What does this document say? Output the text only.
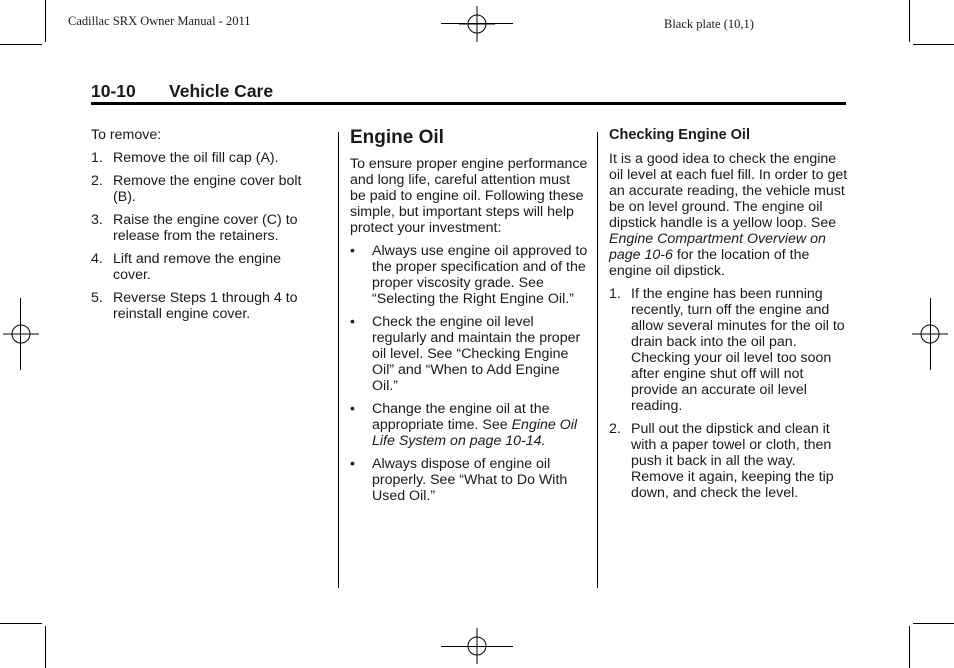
Cadillac SRX Owner Manual - 2011	Black plate (10,1)
10-10 Vehicle Care

To remove:

1. Remove the oil fill cap (A).
2. Remove the engine cover bolt (B).
3. Raise the engine cover (C) to release from the retainers.
4. Lift and remove the engine cover.
5. Reverse Steps 1 through 4 to reinstall engine cover.
Engine Oil

To ensure proper engine performance and long life, careful attention must be paid to engine oil. Following these simple, but important steps will help protect your investment:

• Always use engine oil approved to the proper specification and of the proper viscosity grade. See “Selecting the Right Engine Oil.”
• Check the engine oil level regularly and maintain the proper oil level. See “Checking Engine Oil” and “When to Add Engine Oil.”
• Change the engine oil at the appropriate time. See Engine Oil Life System on page 10-14.
• Always dispose of engine oil properly. See “What to Do With Used Oil.”
Checking Engine Oil

It is a good idea to check the engine oil level at each fuel fill. In order to get an accurate reading, the vehicle must be on level ground. The engine oil dipstick handle is a yellow loop. See Engine Compartment Overview on page 10-6 for the location of the engine oil dipstick.

1. If the engine has been running recently, turn off the engine and allow several minutes for the oil to drain back into the oil pan. Checking your oil level too soon after engine shut off will not provide an accurate oil level reading.
2. Pull out the dipstick and clean it with a paper towel or cloth, then push it back in all the way. Remove it again, keeping the tip down, and check the level.
